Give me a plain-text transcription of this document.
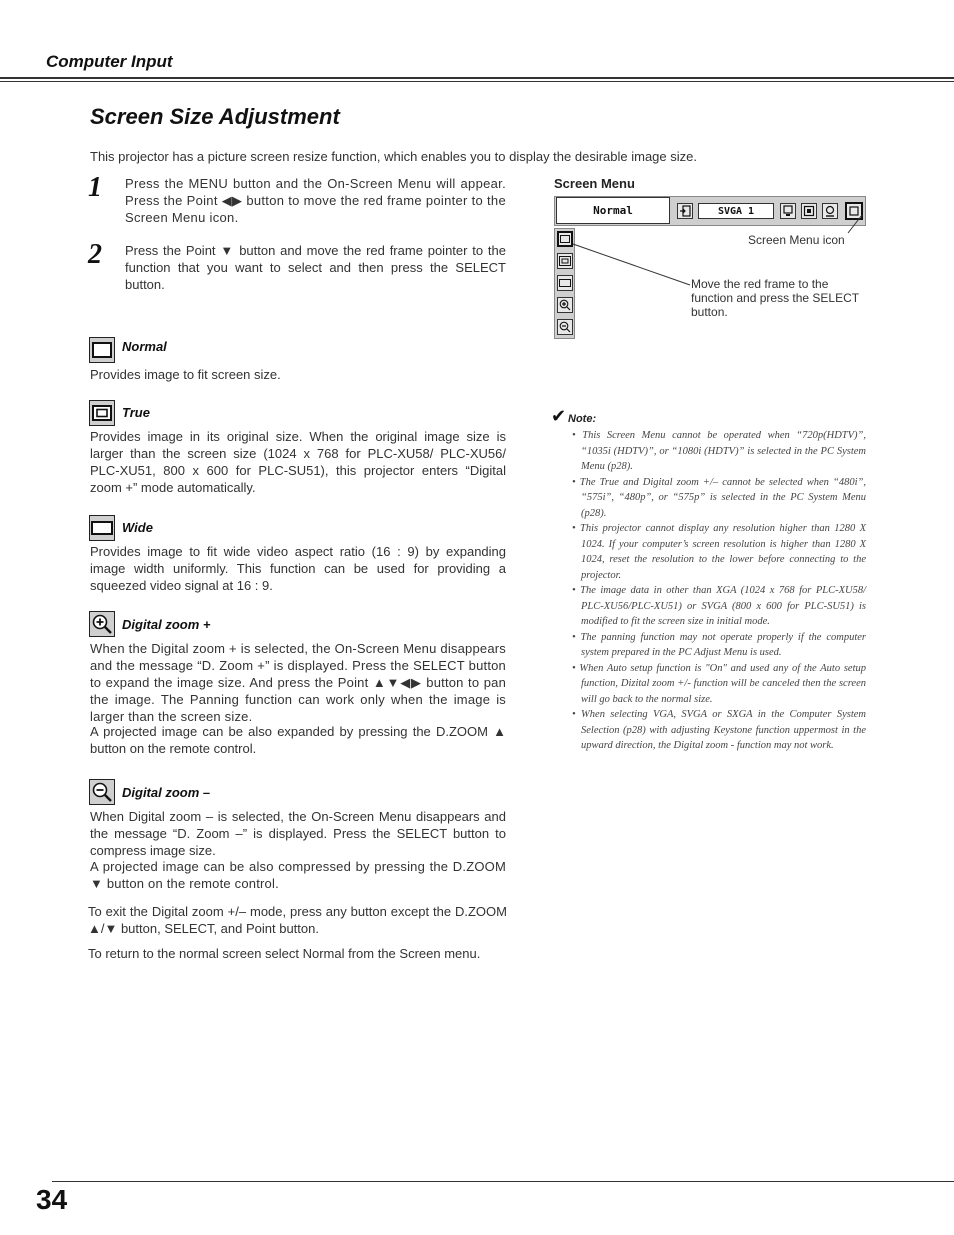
Computer Input
Screen Size Adjustment
This projector has a picture screen resize function, which enables you to display the desirable image size.
1 Press the MENU button and the On-Screen Menu will appear. Press the Point ◀▶ button to move the red frame pointer to the Screen Menu icon.
2 Press the Point ▼ button and move the red frame pointer to the function that you want to select and then press the SELECT button.
Screen Menu
Normal	SVGA 1
Screen Menu icon
Move the red frame to the function and press the SELECT button.
Normal
Provides image to fit screen size.
True
Provides image in its original size. When the original image size is larger than the screen size (1024 x 768 for PLC-XU58/ PLC-XU56/ PLC-XU51, 800 x 600 for PLC-SU51), this projector enters “Digital zoom +” mode automatically.
Wide
Provides image to fit wide video aspect ratio (16 : 9) by expanding image width uniformly. This function can be used for providing a squeezed video signal at 16 : 9.
Digital zoom +
When the Digital zoom + is selected, the On-Screen Menu disappears and the message “D. Zoom +” is displayed. Press the SELECT button to expand the image size. And press the Point ▲▼◀▶ button to pan the image. The Panning function can work only when the image is larger than the screen size.
A projected image can be also expanded by pressing the D.ZOOM ▲ button on the remote control.
Digital zoom –
When Digital zoom – is selected, the On-Screen Menu disappears and the message “D. Zoom –” is displayed. Press the SELECT button to compress image size.
A projected image can be also compressed by pressing the D.ZOOM ▼ button on the remote control.
To exit the Digital zoom +/– mode, press any button except the D.ZOOM ▲/▼ button, SELECT, and Point button.
To return to the normal screen select Normal from the Screen menu.
✔ Note:
• This Screen Menu cannot be operated when “720p(HDTV)”, “1035i (HDTV)”, or “1080i (HDTV)” is selected in the PC System Menu (p28).
• The True and Digital zoom +/– cannot be selected when “480i”, “575i”, “480p”, or “575p” is selected in the PC System Menu (p28).
• This projector cannot display any resolution higher than 1280 X 1024. If your computer’s screen resolution is higher than 1280 X 1024, reset the resolution to the lower before connecting to the projector.
• The image data in other than XGA (1024 x 768 for PLC-XU58/ PLC-XU56/PLC-XU51) or SVGA (800 x 600 for PLC-SU51) is modified to fit the screen size in initial mode.
• The panning function may not operate properly if the computer system prepared in the PC Adjust Menu is used.
• When Auto setup function is "On" and used any of the Auto setup function, Dizital zoom +/- function will be canceled then the screen will go back to the normal size.
• When selecting VGA, SVGA or SXGA in the Computer System Selection (p28) with adjusting Keystone function uppermost in the upward direction, the Digital zoom - function may not work.
34
